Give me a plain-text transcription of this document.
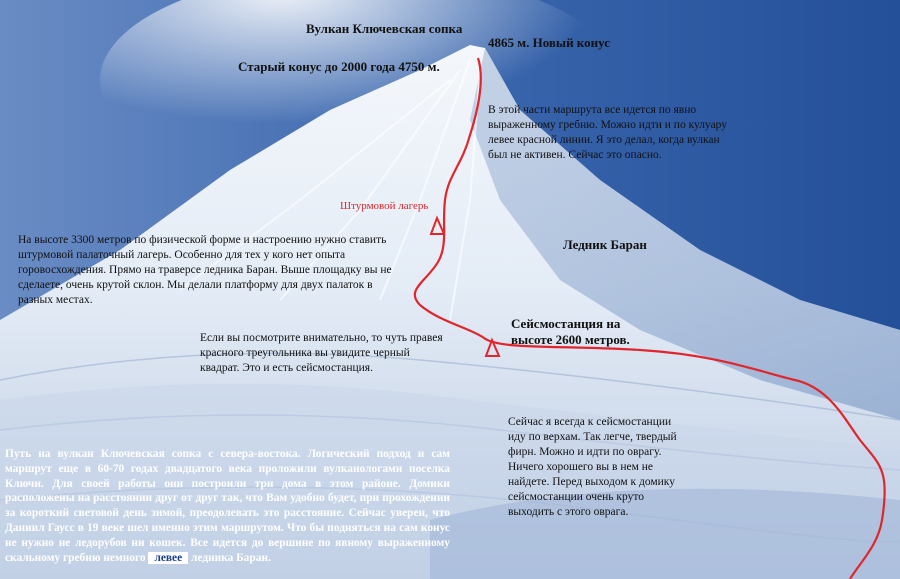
Вулкан Ключевская сопка
4865 м. Новый конус
Старый конус до 2000 года 4750 м.
В этой части маршрута все идется по явно выраженному гребню. Можно идти и по кулуару левее красной линии. Я это делал, когда вулкан был не активен. Сейчас это опасно.
Штурмовой лагерь
Ледник Баран
На высоте 3300 метров по физической форме и настроению нужно ставить штурмовой палаточный лагерь. Особенно для тех у кого нет опыта горовосхождения. Прямо на траверсе ледника Баран. Выше площадку вы не сделаете, очень крутой склон. Мы делали платформу для двух палаток в разных местах.
Сейсмостанция на высоте 2600 метров.
Если вы посмотрите внимательно, то чуть правея красного треугольника вы увидите черный квадрат. Это и есть сейсмостанция.
Сейчас я всегда к сейсмостанции иду по верхам. Так легче, твердый фирн. Можно и идти по оврагу. Ничего хорошего вы в нем не найдете. Перед выходом к домику сейсмостанции очень круто выходить с этого оврага.
Путь на вулкан Ключевская сопка с севера-востока. Логический подход и сам маршрут еще в 60-70 годах двадцатого века проложили вулканологами поселка Ключи. Для своей работы они построили три дома в этом районе. Домики расположены на расстоянии друг от друг так, что Вам удобно будет, при прохождении за короткий световой день зимой, преодолевать это расстояние. Сейчас уверен, что Даниил Гаусс в 19 веке шел именно этим маршрутом. Что бы подняться на сам конус не нужно не ледорубов ни кошек. Все идется до вершине по явному выраженному скальному гребню немного левее ледника Баран.
